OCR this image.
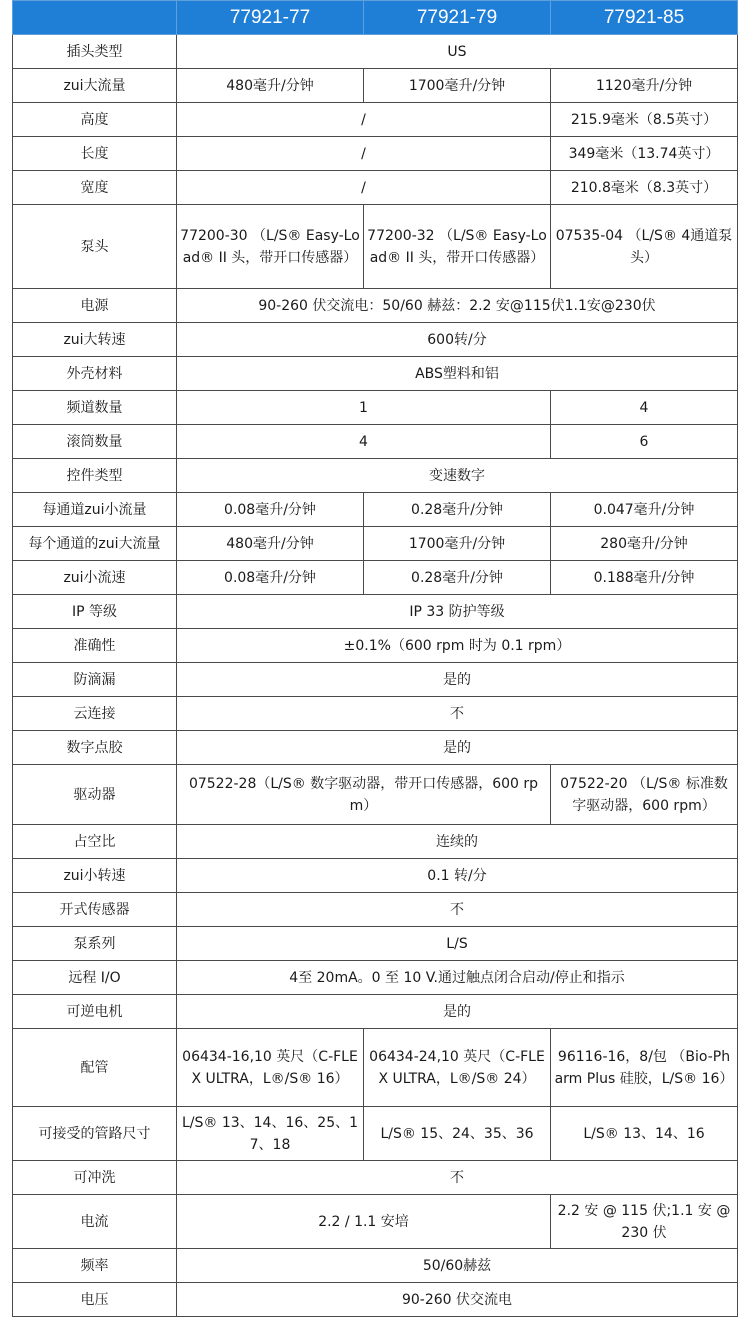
	77921-77	77921-79	77921-85
插头类型	US		
zui大流量	480毫升/分钟	1700毫升/分钟	1120毫升/分钟
高度	/		215.9毫米（8.5英寸）
长度	/		349毫米（13.74英寸）
宽度	/		210.8毫米（8.3英寸）
泵头	77200-30 （L/S® Easy-Load® II 头，带开口传感器）	77200-32 （L/S® Easy-Load® II 头，带开口传感器）	07535-04 （L/S® 4通道泵头）
电源	90-260 伏交流电：50/60 赫兹：2.2 安@115伏1.1安@230伏		
zui大转速	600转/分		
外壳材料	ABS塑料和铝		
频道数量	1		4
滚筒数量	4		6
控件类型	变速数字		
每通道zui小流量	0.08毫升/分钟	0.28毫升/分钟	0.047毫升/分钟
每个通道的zui大流量	480毫升/分钟	1700毫升/分钟	280毫升/分钟
zui小流速	0.08毫升/分钟	0.28毫升/分钟	0.188毫升/分钟
IP 等级	IP 33 防护等级		
准确性	±0.1%（600 rpm 时为 0.1 rpm）		
防滴漏	是的		
云连接	不		
数字点胶	是的		
驱动器	07522-28（L/S® 数字驱动器，带开口传感器，600 rpm）		07522-20 （L/S® 标准数字驱动器，600 rpm）
占空比	连续的		
zui小转速	0.1 转/分		
开式传感器	不		
泵系列	L/S		
远程 I/O	4至 20mA。0 至 10 V.通过触点闭合启动/停止和指示		
可逆电机	是的		
配管	06434-16,10 英尺（C-FLEX ULTRA，L®/S® 16）	06434-24,10 英尺（C-FLEX ULTRA，L®/S® 24）	96116-16，8/包 （Bio-Pharm Plus 硅胶，L/S® 16）
可接受的管路尺寸	L/S® 13、14、16、25、17、18	L/S® 15、24、35、36	L/S® 13、14、16
可冲洗	不		
电流	2.2 / 1.1 安培		2.2 安 @ 115 伏;1.1 安 @ 230 伏
频率	50/60赫兹		
电压	90-260 伏交流电		
